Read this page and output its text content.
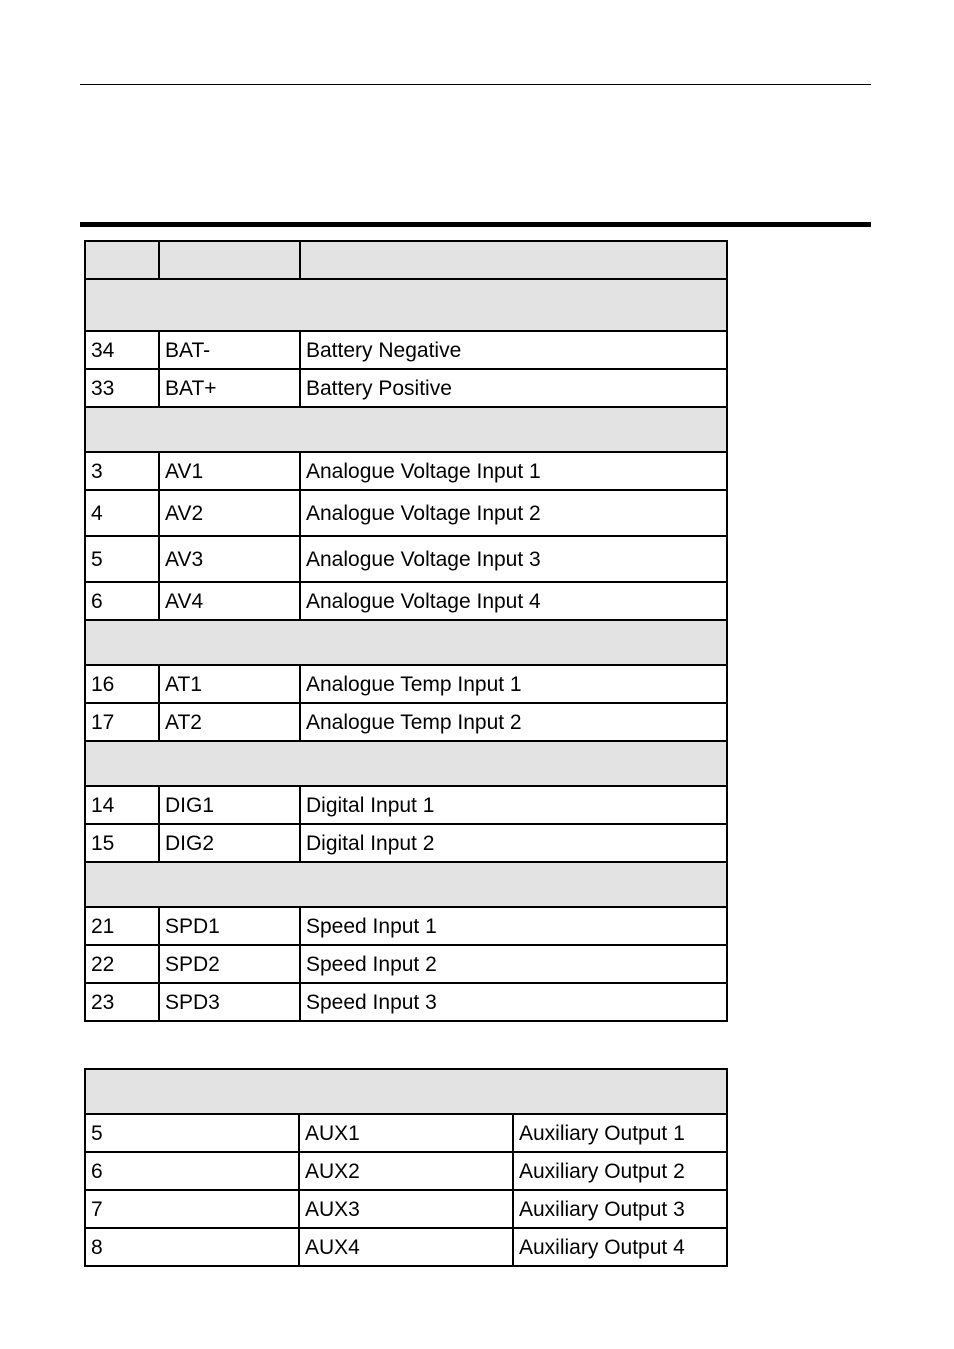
34	BAT-	Battery Negative
33	BAT+	Battery Positive

3	AV1	Analogue Voltage Input 1
4	AV2	Analogue Voltage Input 2
5	AV3	Analogue Voltage Input 3
6	AV4	Analogue Voltage Input 4

16	AT1	Analogue Temp Input 1
17	AT2	Analogue Temp Input 2

14	DIG1	Digital Input 1
15	DIG2	Digital Input 2

21	SPD1	Speed Input 1
22	SPD2	Speed Input 2
23	SPD3	Speed Input 3

5	AUX1	Auxiliary Output 1
6	AUX2	Auxiliary Output 2
7	AUX3	Auxiliary Output 3
8	AUX4	Auxiliary Output 4
